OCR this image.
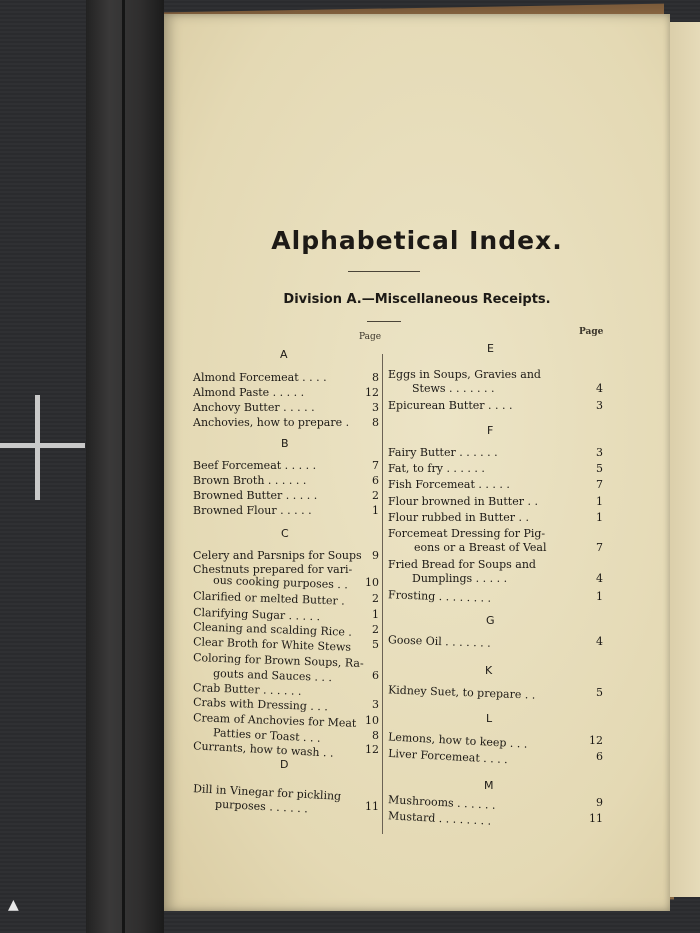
▲
Alphabetical Index.
Division A.—Miscellaneous Receipts.
Page	Page
A
B
C
D
E
F
G
K
L
M
Almond Forcemeat . . . .	8
Almond Paste . . . . .	12
Anchovy Butter . . . . .	3
Anchovies, how to prepare .	8
Beef Forcemeat . . . . .	7
Brown Broth . . . . . .	6
Browned Butter . . . . .	2
Browned Flour . . . . .	1
Celery and Parsnips for Soups 9
Chestnuts prepared for vari-
ous cooking purposes . .	10
Clarified or melted Butter .	2
Clarifying Sugar . . . . .	1
Cleaning and scalding Rice .	2
Clear Broth for White Stews	5
Coloring for Brown Soups, Ra-
gouts and Sauces . . .	6
Crab Butter . . . . . .
Crabs with Dressing . . .	3
Cream of Anchovies for Meat 10
Patties or Toast . . .	8
Currants, how to wash . .	12
Dill in Vinegar for pickling
purposes . . . . . .	11
Eggs in Soups, Gravies and
Stews . . . . . . .	4
Epicurean Butter . . . .	3
Fairy Butter . . . . . .	3
Fat, to fry . . . . . .	5
Fish Forcemeat . . . . .	7
Flour browned in Butter . .	1
Flour rubbed in Butter . .	1
Forcemeat Dressing for Pig-
eons or a Breast of Veal	7
Fried Bread for Soups and
Dumplings . . . . .	4
Frosting . . . . . . . .	1
Goose Oil . . . . . . .	4
Kidney Suet, to prepare . .	5
Lemons, how to keep . . .	12
Liver Forcemeat . . . .	6
Mushrooms . . . . . .	9
Mustard . . . . . . . .	11
